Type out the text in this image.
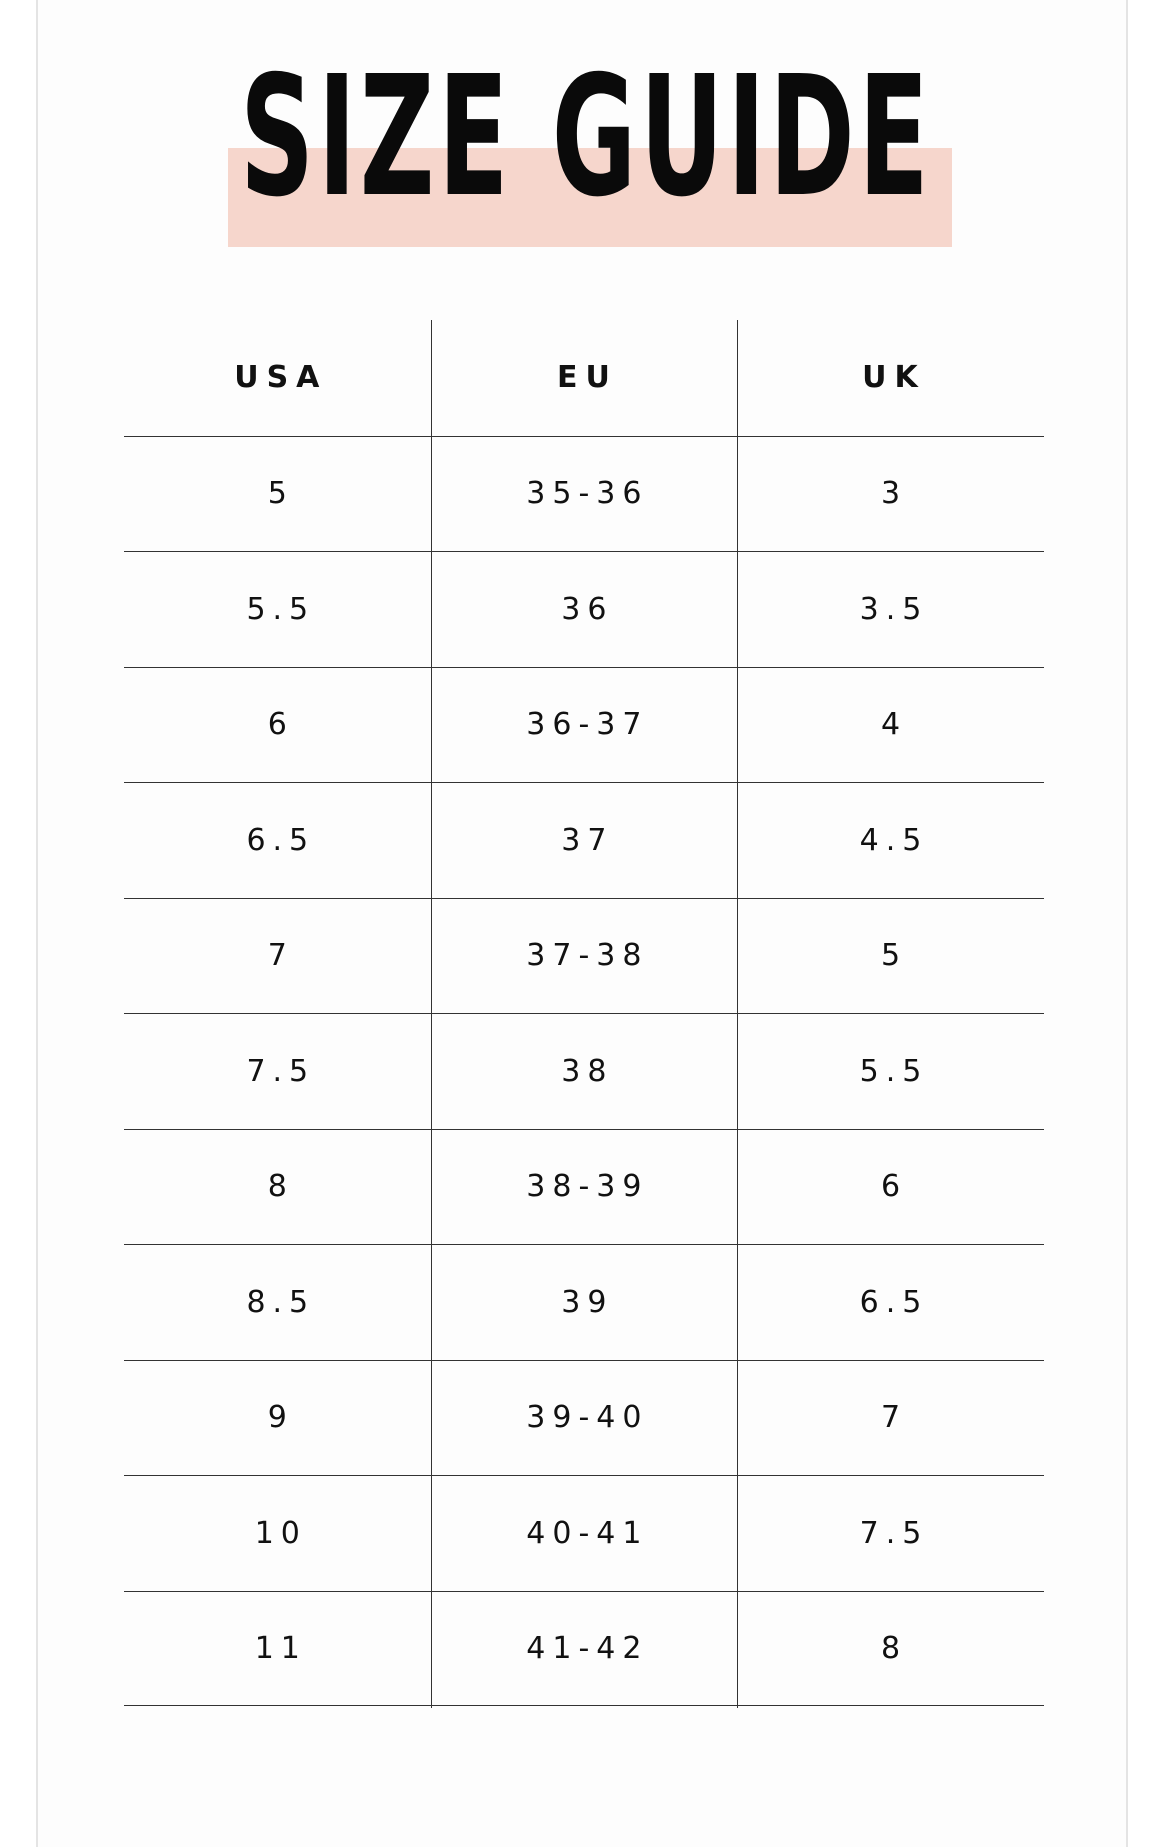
SIZE GUIDE
USA	EU	UK
5	35-36	3
5.5	36	3.5
6	36-37	4
6.5	37	4.5
7	37-38	5
7.5	38	5.5
8	38-39	6
8.5	39	6.5
9	39-40	7
10	40-41	7.5
11	41-42	8
